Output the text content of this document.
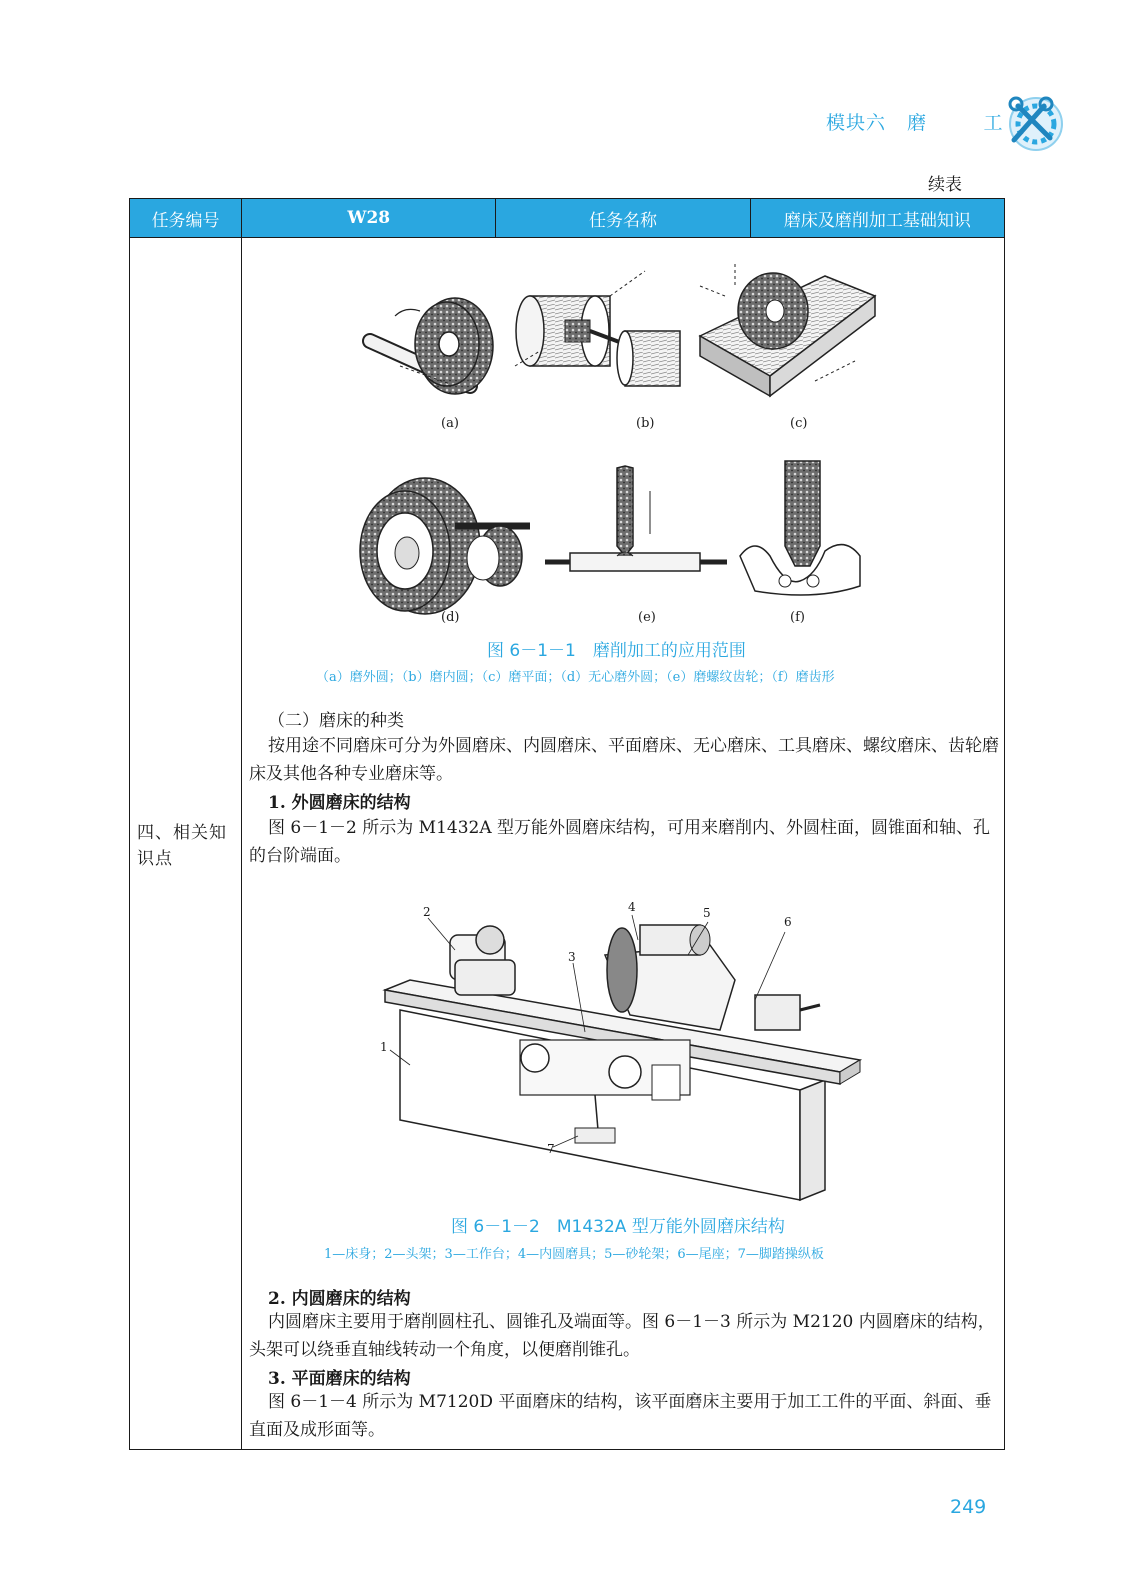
模块六 磨	工
续表
任务编号	W28	任务名称	磨床及磨削加工基础知识

四、相关知识点
(a)	(b)	(c)
(d)	(e)	(f)
图 6－1－1　磨削加工的应用范围
（a）磨外圆；（b）磨内圆；（c）磨平面；（d）无心磨外圆；（e）磨螺纹齿轮；（f）磨齿形
（二）磨床的种类
按用途不同磨床可分为外圆磨床、内圆磨床、平面磨床、无心磨床、工具磨床、螺纹磨床、齿轮磨床及其他各种专业磨床等。
1. 外圆磨床的结构
图 6－1－2 所示为 M1432A 型万能外圆磨床结构，可用来磨削内、外圆柱面，圆锥面和轴、孔的台阶端面。
1
2
3
4	5
6
7
图 6－1－2　M1432A 型万能外圆磨床结构
1—床身；2—头架；3—工作台；4—内圆磨具；5—砂轮架；6—尾座；7—脚踏操纵板
2. 内圆磨床的结构
内圆磨床主要用于磨削圆柱孔、圆锥孔及端面等。图 6－1－3 所示为 M2120 内圆磨床的结构，头架可以绕垂直轴线转动一个角度，以便磨削锥孔。
3. 平面磨床的结构
图 6－1－4 所示为 M7120D 平面磨床的结构，该平面磨床主要用于加工工件的平面、斜面、垂直面及成形面等。
249
